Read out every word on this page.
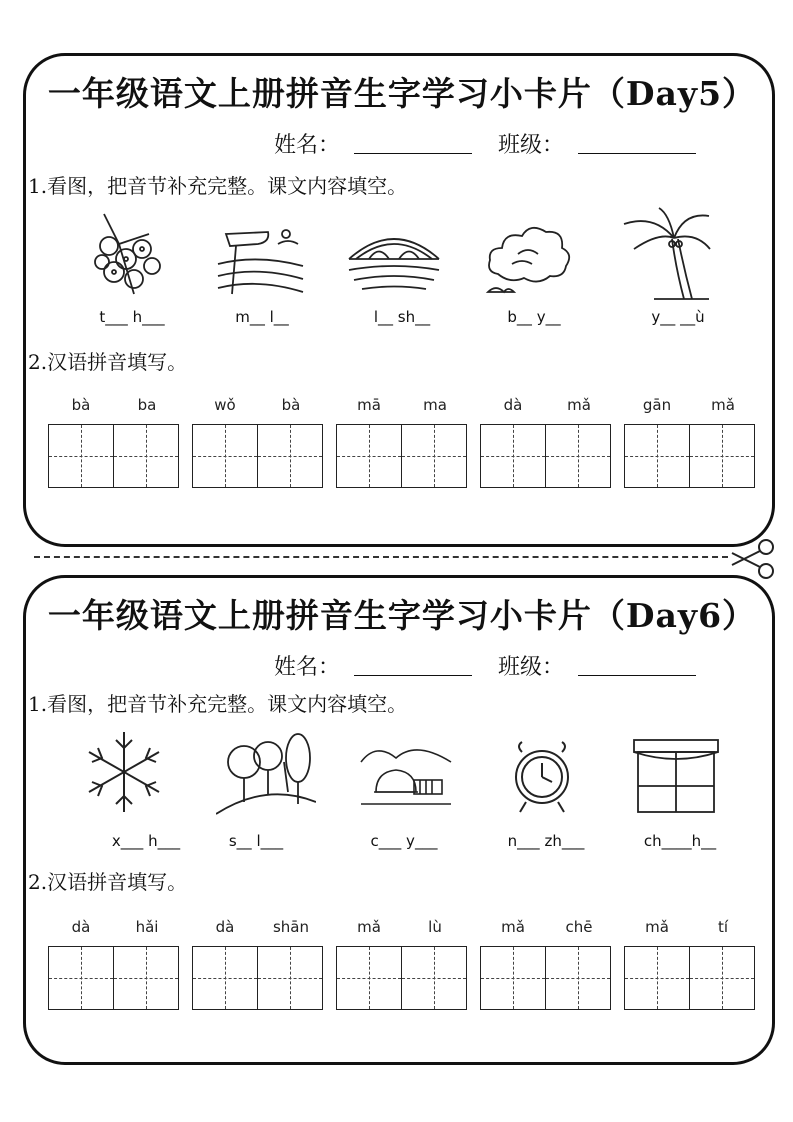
一年级语文上册拼音生字学习小卡片（Day5）
姓名：	班级：
1.看图，把音节补充完整。课文内容填空。
t___ h___	m__ l__	l__ sh__	b__ y__	y__ __ù
2.汉语拼音填写。
bà	ba	wǒ	bà	mā	ma	dà	mǎ	gān	mǎ
一年级语文上册拼音生字学习小卡片（Day6）
姓名：	班级：
1.看图，把音节补充完整。课文内容填空。
x___ h___	s__ l___	c___ y___	n___ zh___	ch____h__
2.汉语拼音填写。
dà	hǎi	dà	shān	mǎ	lù	mǎ	chē	mǎ	tí
